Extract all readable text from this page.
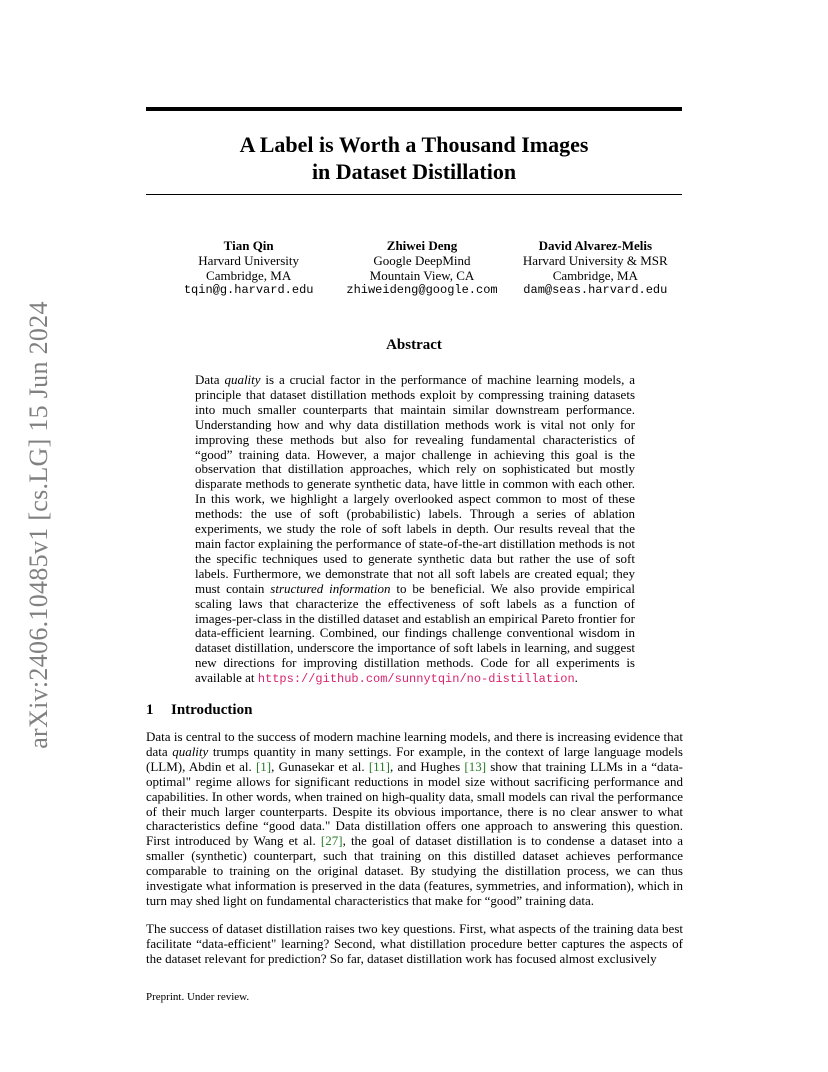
arXiv:2406.10485v1 [cs.LG] 15 Jun 2024
A Label is Worth a Thousand Images
in Dataset Distillation
Tian Qin
Harvard University
Cambridge, MA
tqin@g.harvard.edu
Zhiwei Deng
Google DeepMind
Mountain View, CA
zhiweideng@google.com
David Alvarez-Melis
Harvard University & MSR
Cambridge, MA
dam@seas.harvard.edu
Abstract
Data quality is a crucial factor in the performance of machine learning models, a principle that dataset distillation methods exploit by compressing training datasets into much smaller counterparts that maintain similar downstream performance. Understanding how and why data distillation methods work is vital not only for improving these methods but also for revealing fundamental characteristics of “good” training data. However, a major challenge in achieving this goal is the observation that distillation approaches, which rely on sophisticated but mostly disparate methods to generate synthetic data, have little in common with each other. In this work, we highlight a largely overlooked aspect common to most of these methods: the use of soft (probabilistic) labels. Through a series of ablation experiments, we study the role of soft labels in depth. Our results reveal that the main factor explaining the performance of state-of-the-art distillation methods is not the specific techniques used to generate synthetic data but rather the use of soft labels. Furthermore, we demonstrate that not all soft labels are created equal; they must contain structured information to be beneficial. We also provide empirical scaling laws that characterize the effectiveness of soft labels as a function of images-per-class in the distilled dataset and establish an empirical Pareto frontier for data-efficient learning. Combined, our findings challenge conventional wisdom in dataset distillation, underscore the importance of soft labels in learning, and suggest new directions for improving distillation methods. Code for all experiments is available at https://github.com/sunnytqin/no-distillation.
1 Introduction
Data is central to the success of modern machine learning models, and there is increasing evidence that data quality trumps quantity in many settings. For example, in the context of large language models (LLM), Abdin et al. [1], Gunasekar et al. [11], and Hughes [13] show that training LLMs in a “data-optimal" regime allows for significant reductions in model size without sacrificing performance and capabilities. In other words, when trained on high-quality data, small models can rival the performance of their much larger counterparts. Despite its obvious importance, there is no clear answer to what characteristics define “good data." Data distillation offers one approach to answering this question. First introduced by Wang et al. [27], the goal of dataset distillation is to condense a dataset into a smaller (synthetic) counterpart, such that training on this distilled dataset achieves performance comparable to training on the original dataset. By studying the distillation process, we can thus investigate what information is preserved in the data (features, symmetries, and information), which in turn may shed light on fundamental characteristics that make for “good” training data.
The success of dataset distillation raises two key questions. First, what aspects of the training data best facilitate “data-efficient" learning? Second, what distillation procedure better captures the aspects of the dataset relevant for prediction? So far, dataset distillation work has focused almost exclusively
Preprint. Under review.
